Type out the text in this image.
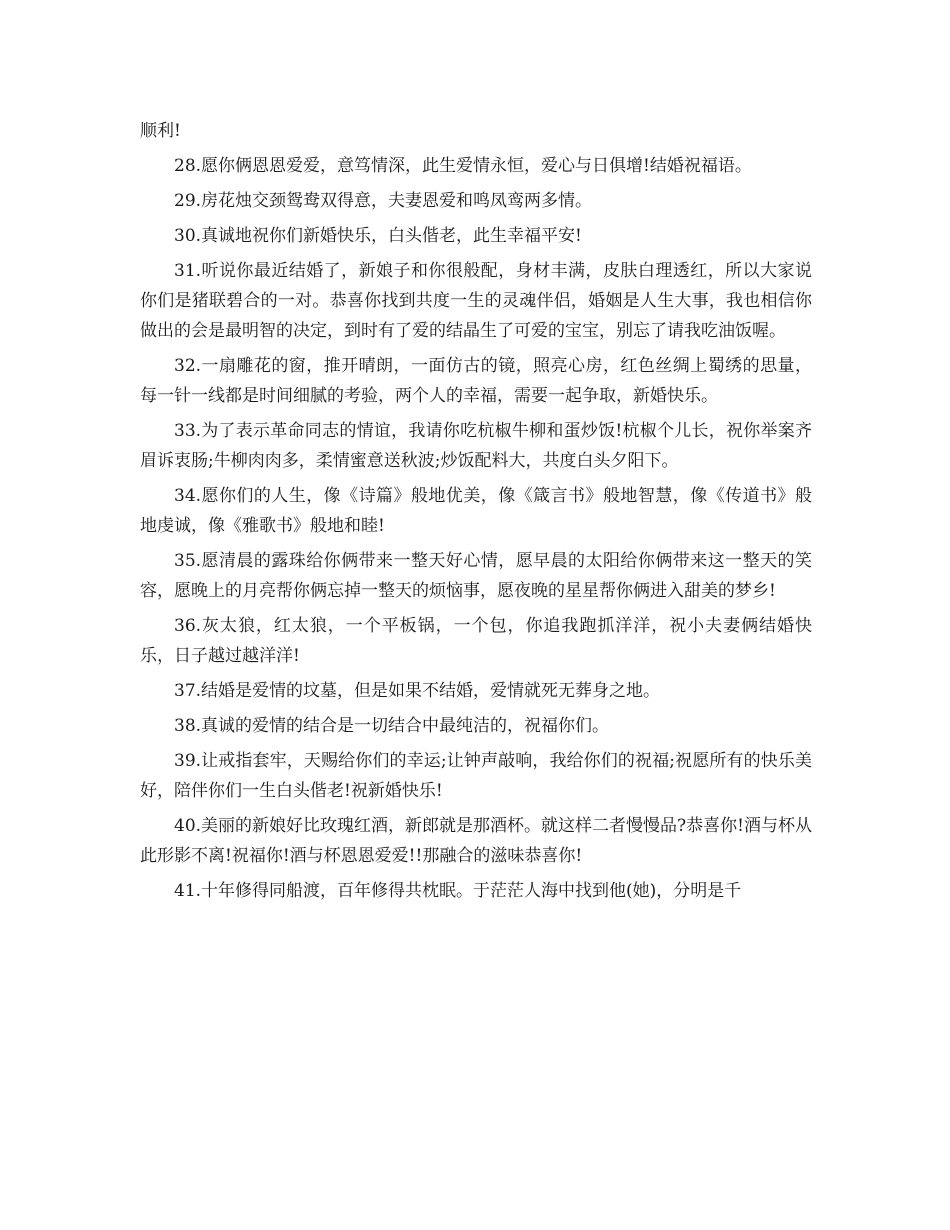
顺利!

28.愿你俩恩恩爱爱，意笃情深，此生爱情永恒，爱心与日俱增!结婚祝福语。

29.房花烛交颈鸳鸯双得意，夫妻恩爱和鸣凤鸾两多情。

30.真诚地祝你们新婚快乐，白头偕老，此生幸福平安!

31.听说你最近结婚了，新娘子和你很般配，身材丰满，皮肤白理透红，所以大家说你们是猪联碧合的一对。恭喜你找到共度一生的灵魂伴侣，婚姻是人生大事，我也相信你做出的会是最明智的决定，到时有了爱的结晶生了可爱的宝宝，别忘了请我吃油饭喔。

32.一扇雕花的窗，推开晴朗，一面仿古的镜，照亮心房，红色丝绸上蜀绣的思量，每一针一线都是时间细腻的考验，两个人的幸福，需要一起争取，新婚快乐。

33.为了表示革命同志的情谊，我请你吃杭椒牛柳和蛋炒饭!杭椒个儿长，祝你举案齐眉诉衷肠;牛柳肉肉多，柔情蜜意送秋波;炒饭配料大，共度白头夕阳下。

34.愿你们的人生，像《诗篇》般地优美，像《箴言书》般地智慧，像《传道书》般地虔诚，像《雅歌书》般地和睦!

35.愿清晨的露珠给你俩带来一整天好心情，愿早晨的太阳给你俩带来这一整天的笑容，愿晚上的月亮帮你俩忘掉一整天的烦恼事，愿夜晚的星星帮你俩进入甜美的梦乡!

36.灰太狼，红太狼，一个平板锅，一个包，你追我跑抓洋洋，祝小夫妻俩结婚快乐，日子越过越洋洋!

37.结婚是爱情的坟墓，但是如果不结婚，爱情就死无葬身之地。

38.真诚的爱情的结合是一切结合中最纯洁的，祝福你们。

39.让戒指套牢，天赐给你们的幸运;让钟声敲响，我给你们的祝福;祝愿所有的快乐美好，陪伴你们一生白头偕老!祝新婚快乐!

40.美丽的新娘好比玫瑰红酒，新郎就是那酒杯。就这样二者慢慢品?恭喜你!酒与杯从此形影不离!祝福你!酒与杯恩恩爱爱!!那融合的滋味恭喜你!

41.十年修得同船渡，百年修得共枕眠。于茫茫人海中找到他(她)，分明是千
